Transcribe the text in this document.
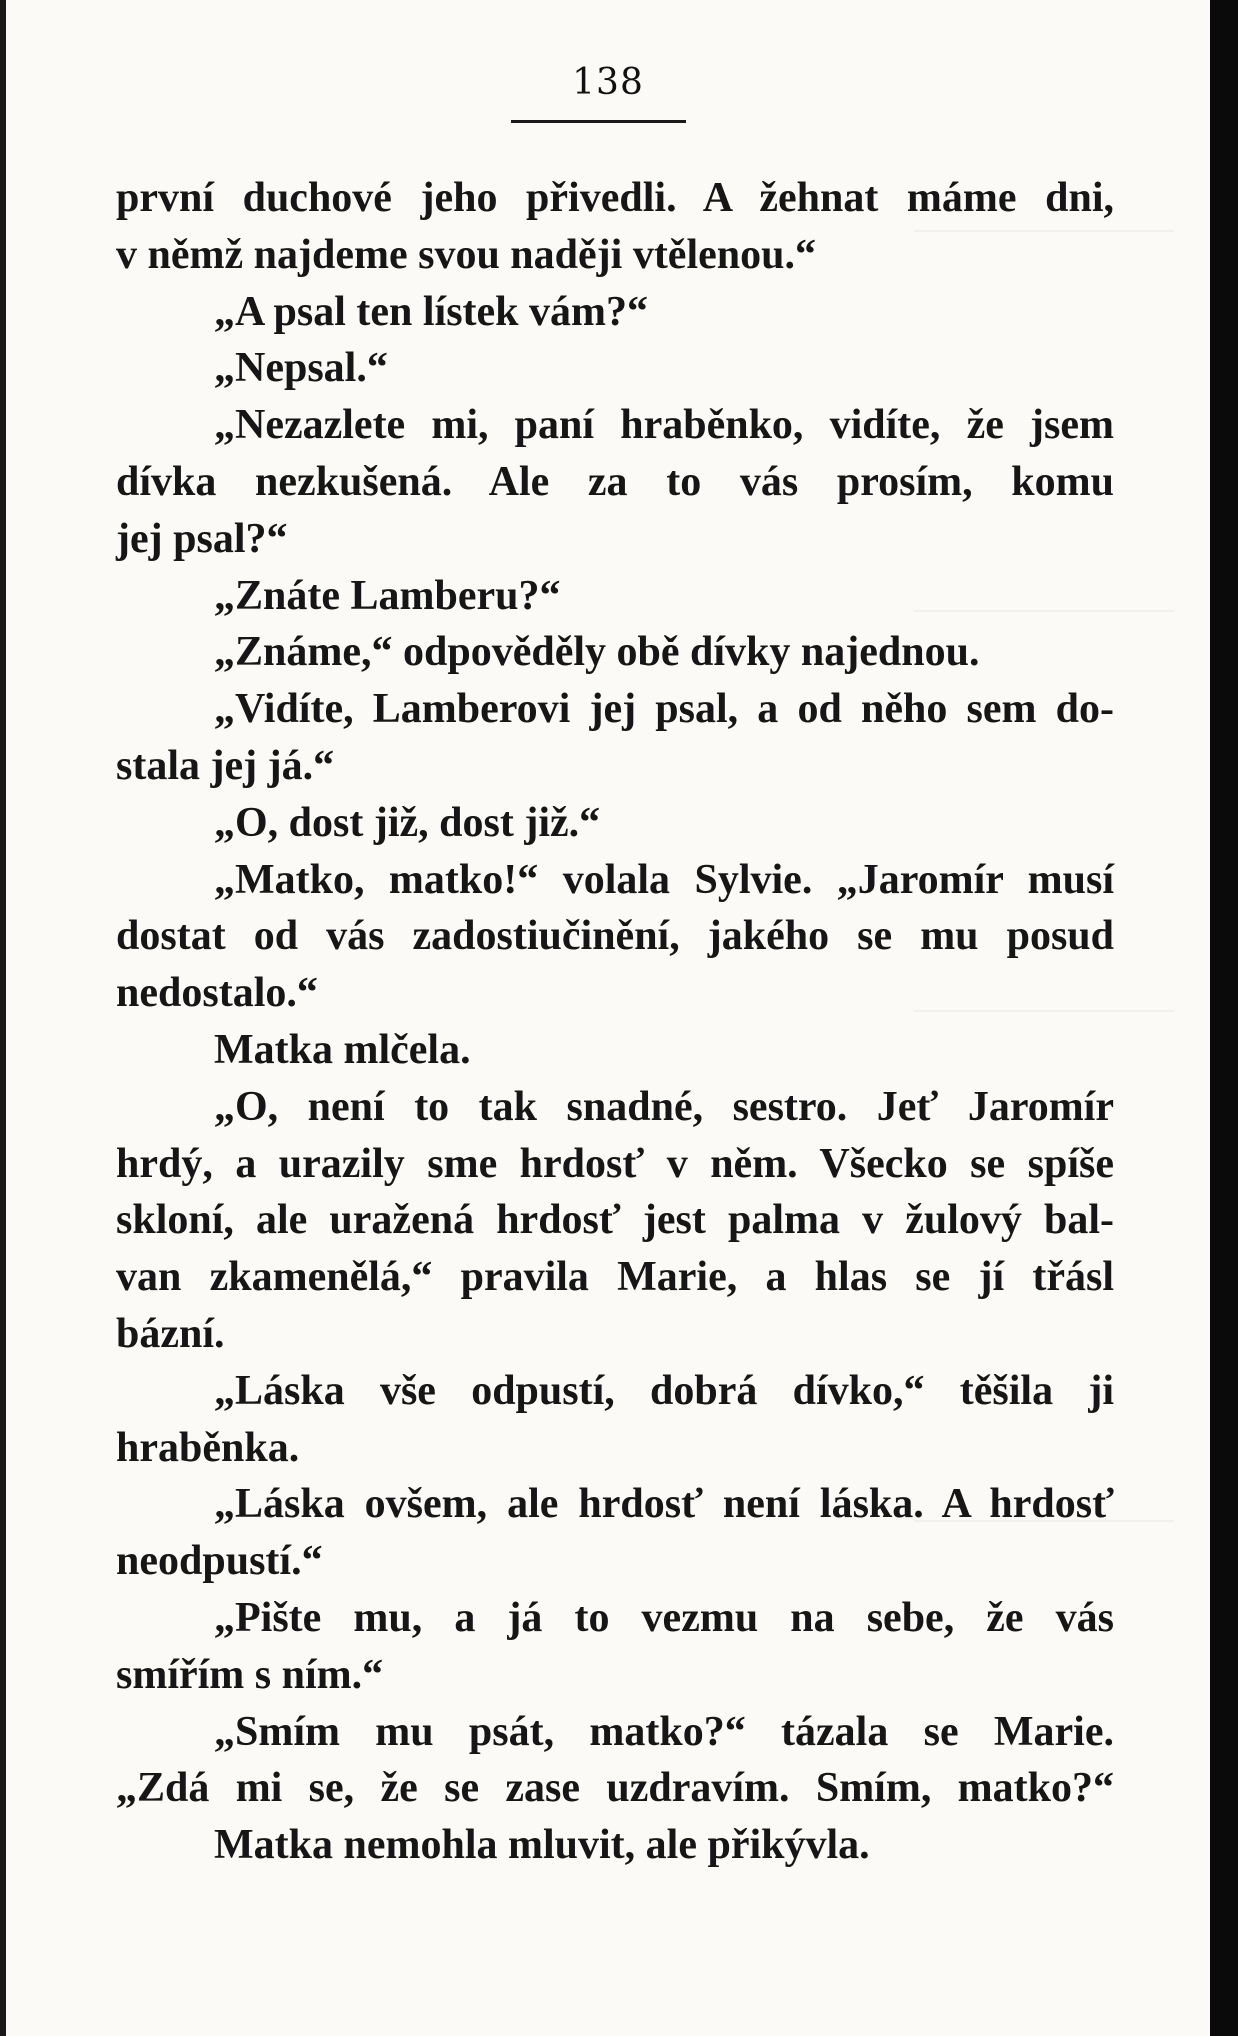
138
první duchové jeho přivedli. A žehnat máme dni,
v němž najdeme svou naději vtělenou.“
„A psal ten lístek vám?“
„Nepsal.“
„Nezazlete mi, paní hraběnko, vidíte, že jsem
dívka nezkušená. Ale za to vás prosím, komu
jej psal?“
„Znáte Lamberu?“
„Známe,“ odpověděly obě dívky najednou.
„Vidíte, Lamberovi jej psal, a od něho sem do-
stala jej já.“
„O, dost již, dost již.“
„Matko, matko!“ volala Sylvie. „Jaromír musí
dostat od vás zadostiučinění, jakého se mu posud
nedostalo.“
Matka mlčela.
„O, není to tak snadné, sestro. Jeť Jaromír
hrdý, a urazily sme hrdosť v něm. Všecko se spíše
skloní, ale uražená hrdosť jest palma v žulový bal-
van zkamenělá,“ pravila Marie, a hlas se jí třásl
bázní.
„Láska vše odpustí, dobrá dívko,“ těšila ji
hraběnka.
„Láska ovšem, ale hrdosť není láska. A hrdosť
neodpustí.“
„Pište mu, a já to vezmu na sebe, že vás
smířím s ním.“
„Smím mu psát, matko?“ tázala se Marie.
„Zdá mi se, že se zase uzdravím. Smím, matko?“
Matka nemohla mluvit, ale přikývla.
